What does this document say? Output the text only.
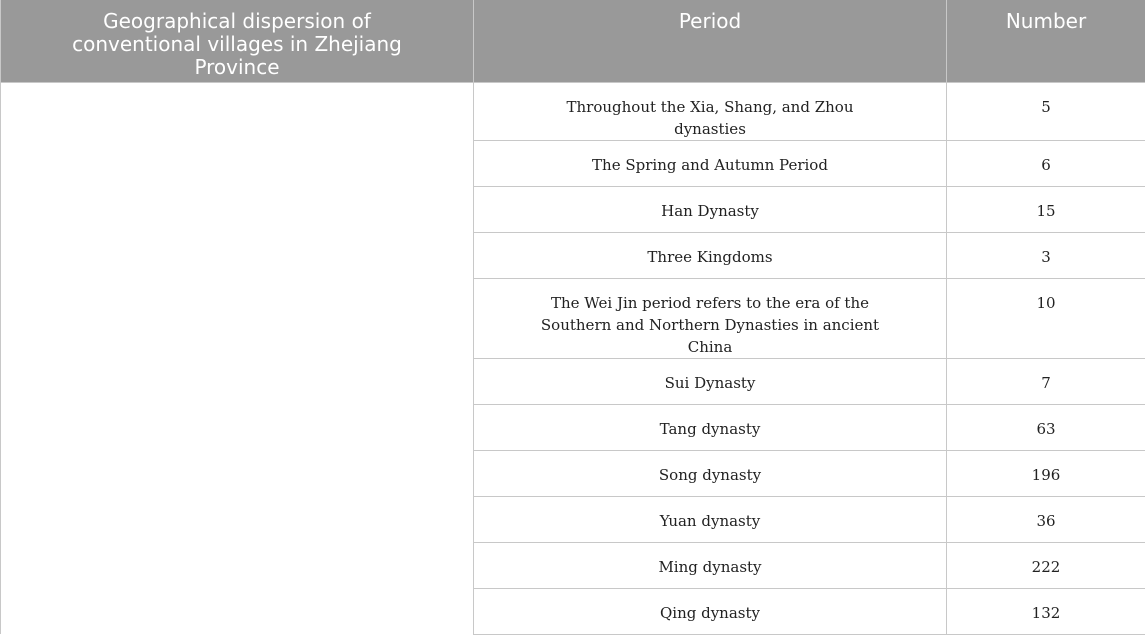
Geographical dispersion of conventional villages in Zhejiang Province	Period	Number
	Throughout the Xia, Shang, and Zhou dynasties	5
	The Spring and Autumn Period	6
	Han Dynasty	15
	Three Kingdoms	3
	The Wei Jin period refers to the era of the Southern and Northern Dynasties in ancient China	10
	Sui Dynasty	7
	Tang dynasty	63
	Song dynasty	196
	Yuan dynasty	36
	Ming dynasty	222
	Qing dynasty	132
